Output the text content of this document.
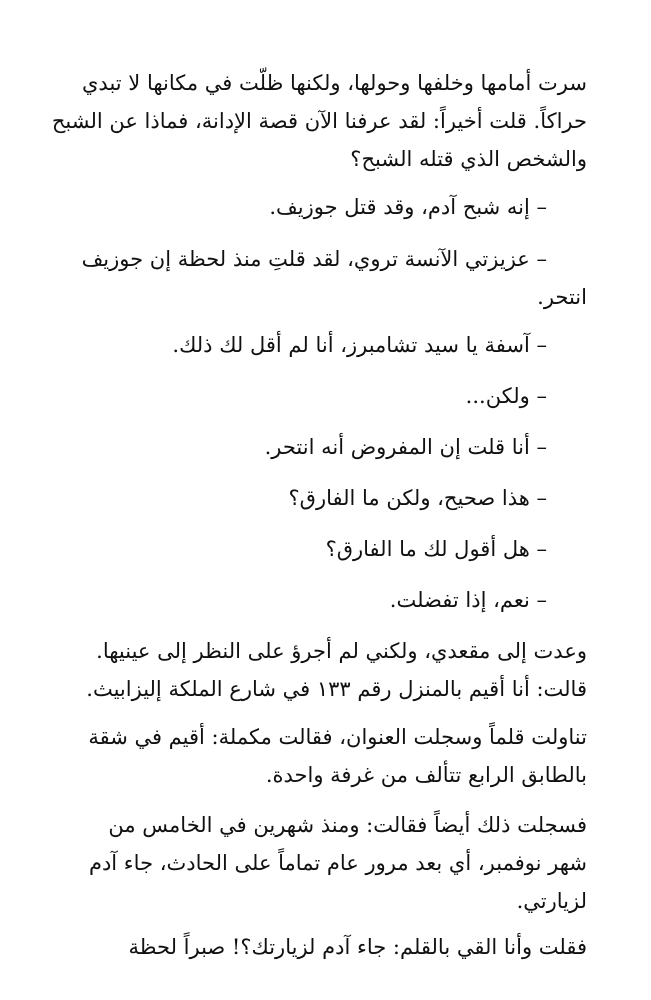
سرت أمامها وخلفها وحولها، ولكنها ظلّت في مكانها لا تبدي
حراكاً. قلت أخيراً: لقد عرفنا الآن قصة الإدانة، فماذا عن الشبح
والشخص الذي قتله الشبح؟
– إنه شبح آدم، وقد قتل جوزيف.
– عزيزتي الآنسة تروي، لقد قلتِ منذ لحظة إن جوزيف
انتحر.
– آسفة يا سيد تشامبرز، أنا لم أقل لك ذلك.
– ولكن...
– أنا قلت إن المفروض أنه انتحر.
– هذا صحيح، ولكن ما الفارق؟
– هل أقول لك ما الفارق؟
– نعم، إذا تفضلت.
وعدت إلى مقعدي، ولكني لم أجرؤ على النظر إلى عينيها.
قالت: أنا أقيم بالمنزل رقم ١٣٣ في شارع الملكة إليزابيث.
تناولت قلماً وسجلت العنوان، فقالت مكملة: أقيم في شقة
بالطابق الرابع تتألف من غرفة واحدة.
فسجلت ذلك أيضاً فقالت: ومنذ شهرين في الخامس من
شهر نوفمبر، أي بعد مرور عام تماماً على الحادث، جاء آدم
لزيارتي.
فقلت وأنا القي بالقلم: جاء آدم لزيارتك؟! صبراً لحظة
